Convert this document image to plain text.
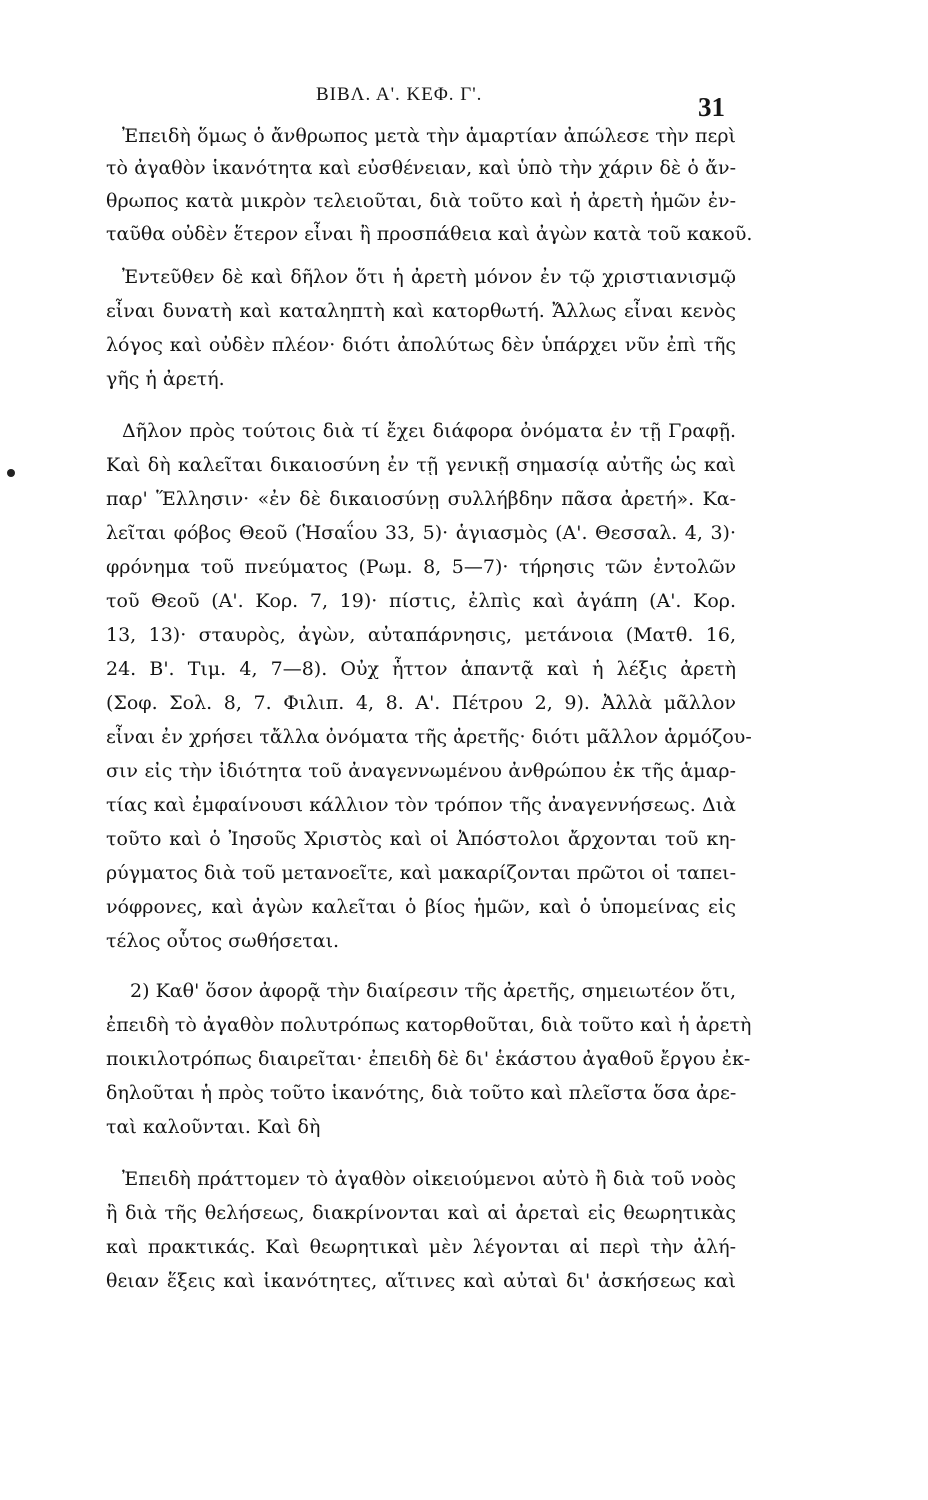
ΒΙΒΛ. Α'. ΚΕΦ. Γ'.	31
Ἐπειδὴ ὅμως ὁ ἄνθρωπος μετὰ τὴν ἁμαρτίαν ἀπώλεσε τὴν περὶ
τὸ ἀγαθὸν ἱκανότητα καὶ εὐσθένειαν, καὶ ὑπὸ τὴν χάριν δὲ ὁ ἄν-
θρωπος κατὰ μικρὸν τελειοῦται, διὰ τοῦτο καὶ ἡ ἀρετὴ ἡμῶν ἐν-
ταῦθα οὐδὲν ἕτερον εἶναι ἢ προσπάθεια καὶ ἀγὼν κατὰ τοῦ κακοῦ.
Ἐντεῦθεν δὲ καὶ δῆλον ὅτι ἡ ἀρετὴ μόνον ἐν τῷ χριστιανισμῷ
εἶναι δυνατὴ καὶ καταληπτὴ καὶ κατορθωτή. Ἄλλως εἶναι κενὸς
λόγος καὶ οὐδὲν πλέον· διότι ἀπολύτως δὲν ὑπάρχει νῦν ἐπὶ τῆς
γῆς ἡ ἀρετή.
Δῆλον πρὸς τούτοις διὰ τί ἔχει διάφορα ὀνόματα ἐν τῇ Γραφῇ.
Καὶ δὴ καλεῖται δικαιοσύνη ἐν τῇ γενικῇ σημασίᾳ αὐτῆς ὡς καὶ
παρ' Ἕλλησιν· «ἐν δὲ δικαιοσύνῃ συλλήβδην πᾶσα ἀρετή». Κα-
λεῖται φόβος Θεοῦ (Ἡσαΐου 33, 5)· ἁγιασμὸς (Α'. Θεσσαλ. 4, 3)·
φρόνημα τοῦ πνεύματος (Ρωμ. 8, 5—7)· τήρησις τῶν ἐντολῶν
τοῦ Θεοῦ (Α'. Κορ. 7, 19)· πίστις, ἐλπὶς καὶ ἀγάπη (Α'. Κορ.
13, 13)· σταυρὸς, ἀγὼν, αὐταπάρνησις, μετάνοια (Ματθ. 16,
24. Β'. Τιμ. 4, 7—8). Οὐχ ἧττον ἁπαντᾷ καὶ ἡ λέξις ἀρετὴ
(Σοφ. Σολ. 8, 7. Φιλιπ. 4, 8. Α'. Πέτρου 2, 9). Ἀλλὰ μᾶλλον
εἶναι ἐν χρήσει τἄλλα ὀνόματα τῆς ἀρετῆς· διότι μᾶλλον ἁρμόζου-
σιν εἰς τὴν ἰδιότητα τοῦ ἀναγεννωμένου ἀνθρώπου ἐκ τῆς ἁμαρ-
τίας καὶ ἐμφαίνουσι κάλλιον τὸν τρόπον τῆς ἀναγεννήσεως. Διὰ
τοῦτο καὶ ὁ Ἰησοῦς Χριστὸς καὶ οἱ Ἀπόστολοι ἄρχονται τοῦ κη-
ρύγματος διὰ τοῦ μετανοεῖτε, καὶ μακαρίζονται πρῶτοι οἱ ταπει-
νόφρονες, καὶ ἀγὼν καλεῖται ὁ βίος ἡμῶν, καὶ ὁ ὑπομείνας εἰς
τέλος οὗτος σωθήσεται.
2) Καθ' ὅσον ἀφορᾷ τὴν διαίρεσιν τῆς ἀρετῆς, σημειωτέον ὅτι,
ἐπειδὴ τὸ ἀγαθὸν πολυτρόπως κατορθοῦται, διὰ τοῦτο καὶ ἡ ἀρετὴ
ποικιλοτρόπως διαιρεῖται· ἐπειδὴ δὲ δι' ἑκάστου ἀγαθοῦ ἔργου ἐκ-
δηλοῦται ἡ πρὸς τοῦτο ἱκανότης, διὰ τοῦτο καὶ πλεῖστα ὅσα ἀρε-
ταὶ καλοῦνται. Καὶ δὴ
Ἐπειδὴ πράττομεν τὸ ἀγαθὸν οἰκειούμενοι αὐτὸ ἢ διὰ τοῦ νοὸς
ἢ διὰ τῆς θελήσεως, διακρίνονται καὶ αἱ ἀρεταὶ εἰς θεωρητικὰς
καὶ πρακτικάς. Καὶ θεωρητικαὶ μὲν λέγονται αἱ περὶ τὴν ἀλή-
θειαν ἕξεις καὶ ἱκανότητες, αἵτινες καὶ αὐταὶ δι' ἀσκήσεως καὶ
